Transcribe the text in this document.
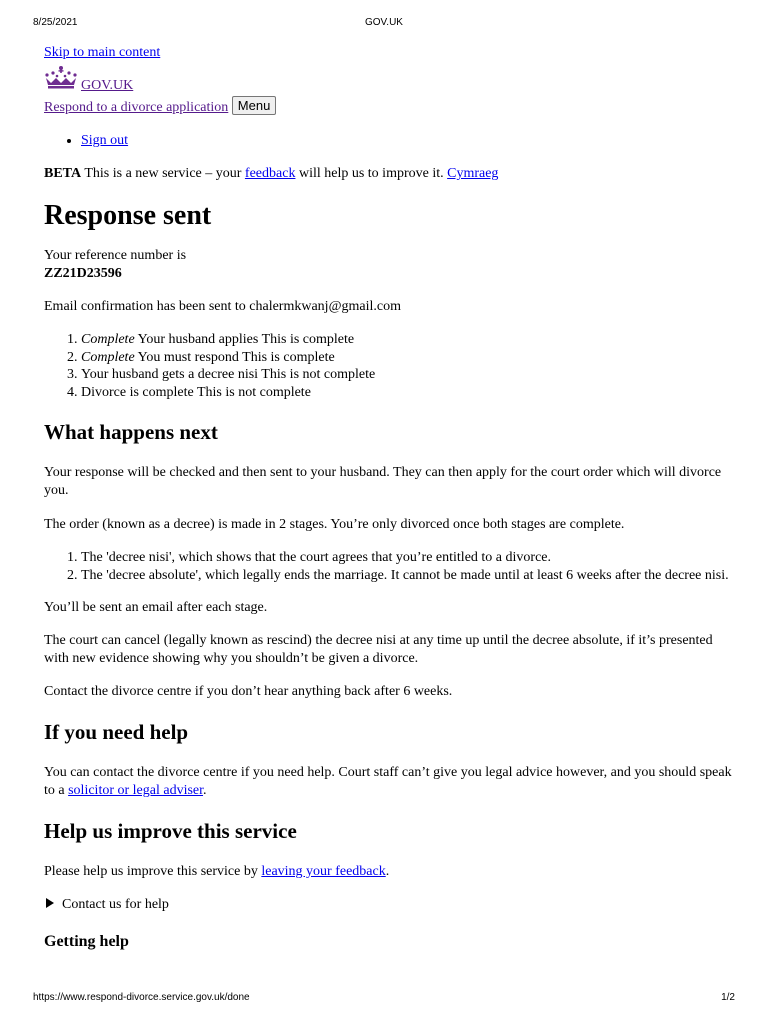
8/25/2021	GOV.UK
Skip to main content
GOV.UK
Respond to a divorce application Menu
• Sign out
BETA This is a new service – your feedback will help us to improve it. Cymraeg
Response sent

Your reference number is

ZZ21D23596

Email confirmation has been sent to chalermkwanj@gmail.com

1. Complete Your husband applies This is complete
2. Complete You must respond This is complete
3. Your husband gets a decree nisi This is not complete
4. Divorce is complete This is not complete
What happens next

Your response will be checked and then sent to your husband. They can then apply for the court order which will divorce you.

The order (known as a decree) is made in 2 stages. You’re only divorced once both stages are complete.

1. The 'decree nisi', which shows that the court agrees that you’re entitled to a divorce.
2. The 'decree absolute', which legally ends the marriage. It cannot be made until at least 6 weeks after the decree nisi.

You’ll be sent an email after each stage.

The court can cancel (legally known as rescind) the decree nisi at any time up until the decree absolute, if it’s presented with new evidence showing why you shouldn’t be given a divorce.

Contact the divorce centre if you don’t hear anything back after 6 weeks.

If you need help

You can contact the divorce centre if you need help. Court staff can’t give you legal advice however, and you should speak to a solicitor or legal adviser.

Help us improve this service

Please help us improve this service by leaving your feedback.

Contact us for help
Getting help
https://www.respond-divorce.service.gov.uk/done	1/2
